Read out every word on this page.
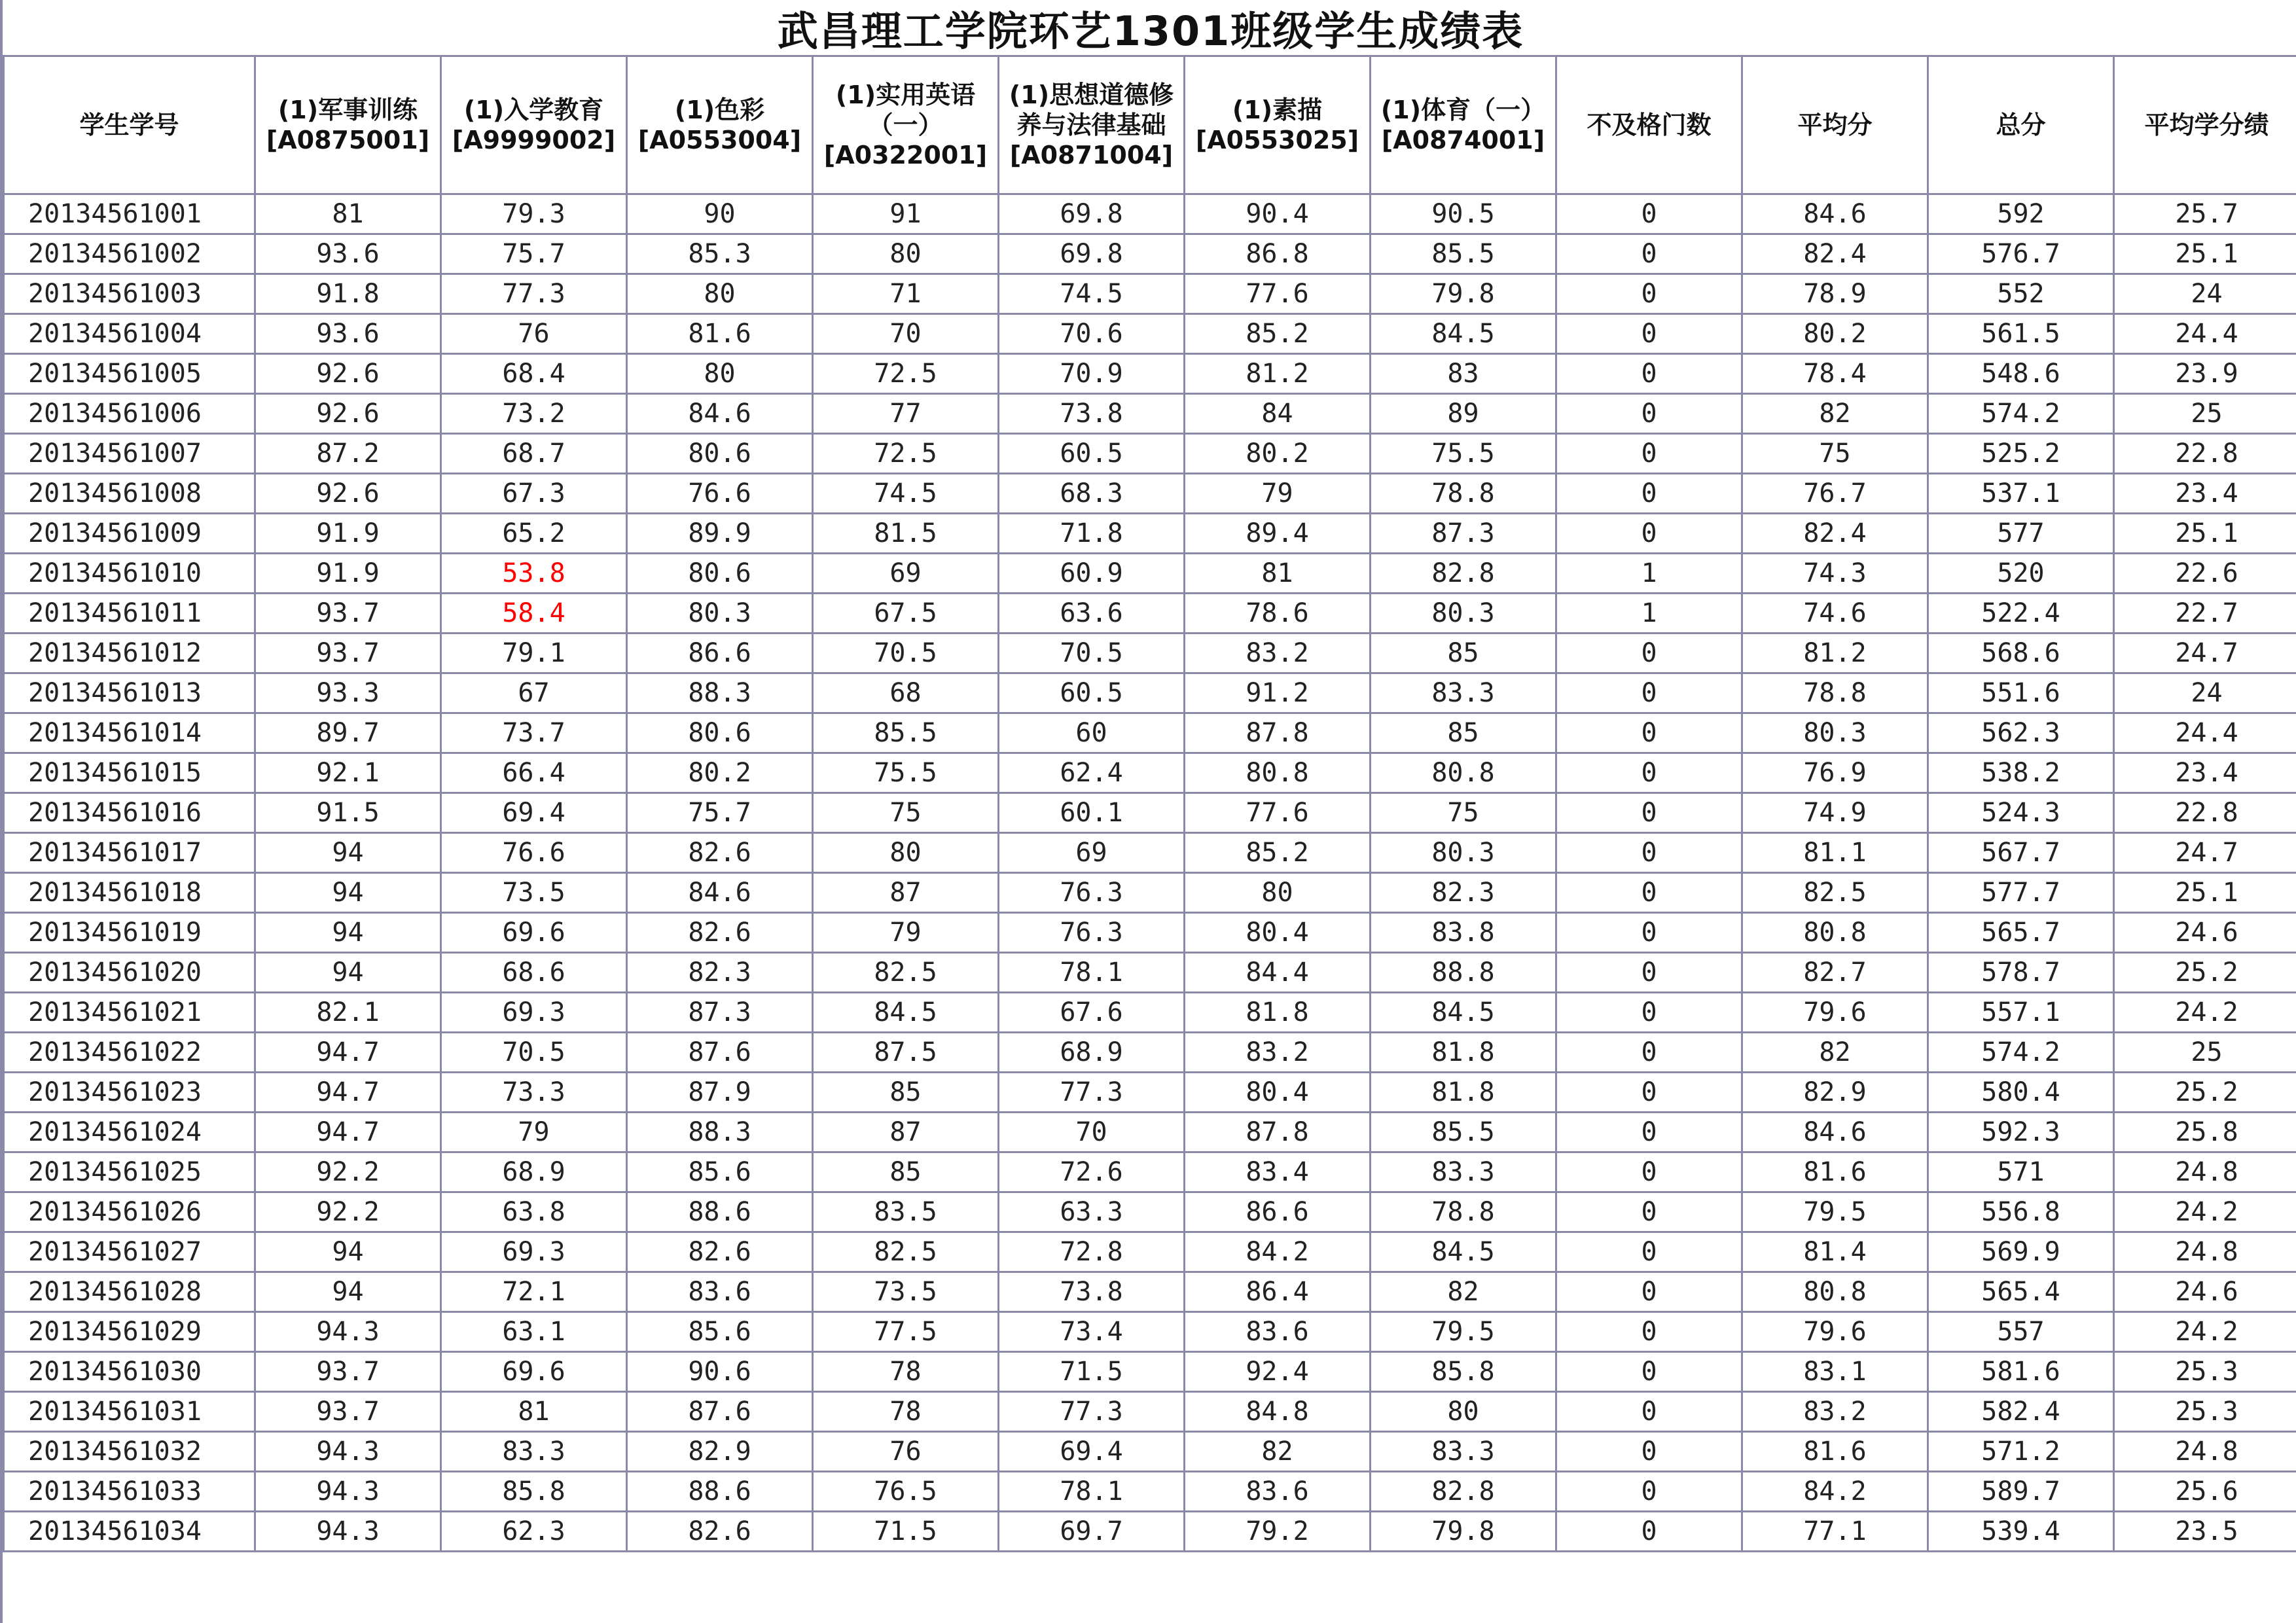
武昌理工学院环艺1301班级学生成绩表
学生学号	(1)军事训练 [A0875001]	(1)入学教育 [A9999002]	(1)色彩 [A0553004]	(1)实用英语（一） [A0322001]	(1)思想道德修养与法律基础 [A0871004]	(1)素描 [A0553025]	(1)体育（一） [A0874001]	不及格门数	平均分	总分	平均学分绩
20134561001	81	79.3	90	91	69.8	90.4	90.5	0	84.6	592	25.7
20134561002	93.6	75.7	85.3	80	69.8	86.8	85.5	0	82.4	576.7	25.1
20134561003	91.8	77.3	80	71	74.5	77.6	79.8	0	78.9	552	24
20134561004	93.6	76	81.6	70	70.6	85.2	84.5	0	80.2	561.5	24.4
20134561005	92.6	68.4	80	72.5	70.9	81.2	83	0	78.4	548.6	23.9
20134561006	92.6	73.2	84.6	77	73.8	84	89	0	82	574.2	25
20134561007	87.2	68.7	80.6	72.5	60.5	80.2	75.5	0	75	525.2	22.8
20134561008	92.6	67.3	76.6	74.5	68.3	79	78.8	0	76.7	537.1	23.4
20134561009	91.9	65.2	89.9	81.5	71.8	89.4	87.3	0	82.4	577	25.1
20134561010	91.9	53.8	80.6	69	60.9	81	82.8	1	74.3	520	22.6
20134561011	93.7	58.4	80.3	67.5	63.6	78.6	80.3	1	74.6	522.4	22.7
20134561012	93.7	79.1	86.6	70.5	70.5	83.2	85	0	81.2	568.6	24.7
20134561013	93.3	67	88.3	68	60.5	91.2	83.3	0	78.8	551.6	24
20134561014	89.7	73.7	80.6	85.5	60	87.8	85	0	80.3	562.3	24.4
20134561015	92.1	66.4	80.2	75.5	62.4	80.8	80.8	0	76.9	538.2	23.4
20134561016	91.5	69.4	75.7	75	60.1	77.6	75	0	74.9	524.3	22.8
20134561017	94	76.6	82.6	80	69	85.2	80.3	0	81.1	567.7	24.7
20134561018	94	73.5	84.6	87	76.3	80	82.3	0	82.5	577.7	25.1
20134561019	94	69.6	82.6	79	76.3	80.4	83.8	0	80.8	565.7	24.6
20134561020	94	68.6	82.3	82.5	78.1	84.4	88.8	0	82.7	578.7	25.2
20134561021	82.1	69.3	87.3	84.5	67.6	81.8	84.5	0	79.6	557.1	24.2
20134561022	94.7	70.5	87.6	87.5	68.9	83.2	81.8	0	82	574.2	25
20134561023	94.7	73.3	87.9	85	77.3	80.4	81.8	0	82.9	580.4	25.2
20134561024	94.7	79	88.3	87	70	87.8	85.5	0	84.6	592.3	25.8
20134561025	92.2	68.9	85.6	85	72.6	83.4	83.3	0	81.6	571	24.8
20134561026	92.2	63.8	88.6	83.5	63.3	86.6	78.8	0	79.5	556.8	24.2
20134561027	94	69.3	82.6	82.5	72.8	84.2	84.5	0	81.4	569.9	24.8
20134561028	94	72.1	83.6	73.5	73.8	86.4	82	0	80.8	565.4	24.6
20134561029	94.3	63.1	85.6	77.5	73.4	83.6	79.5	0	79.6	557	24.2
20134561030	93.7	69.6	90.6	78	71.5	92.4	85.8	0	83.1	581.6	25.3
20134561031	93.7	81	87.6	78	77.3	84.8	80	0	83.2	582.4	25.3
20134561032	94.3	83.3	82.9	76	69.4	82	83.3	0	81.6	571.2	24.8
20134561033	94.3	85.8	88.6	76.5	78.1	83.6	82.8	0	84.2	589.7	25.6
20134561034	94.3	62.3	82.6	71.5	69.7	79.2	79.8	0	77.1	539.4	23.5
